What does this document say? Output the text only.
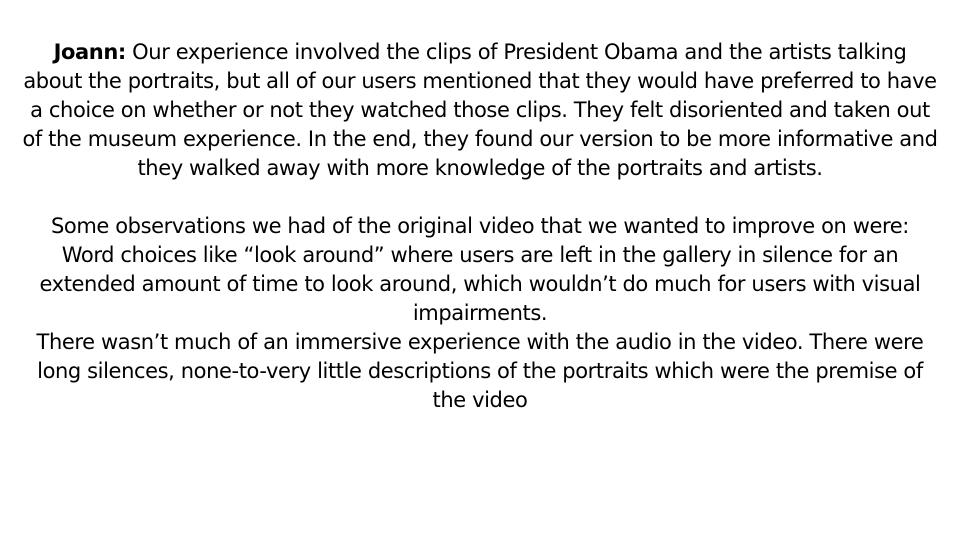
Joann: Our experience involved the clips of President Obama and the artists talking about the portraits, but all of our users mentioned that they would have preferred to have a choice on whether or not they watched those clips. They felt disoriented and taken out of the museum experience. In the end, they found our version to be more informative and they walked away with more knowledge of the portraits and artists.

Some observations we had of the original video that we wanted to improve on were:

Word choices like “look around” where users are left in the gallery in silence for an extended amount of time to look around, which wouldn’t do much for users with visual impairments.

There wasn’t much of an immersive experience with the audio in the video. There were long silences, none-to-very little descriptions of the portraits which were the premise of the video
